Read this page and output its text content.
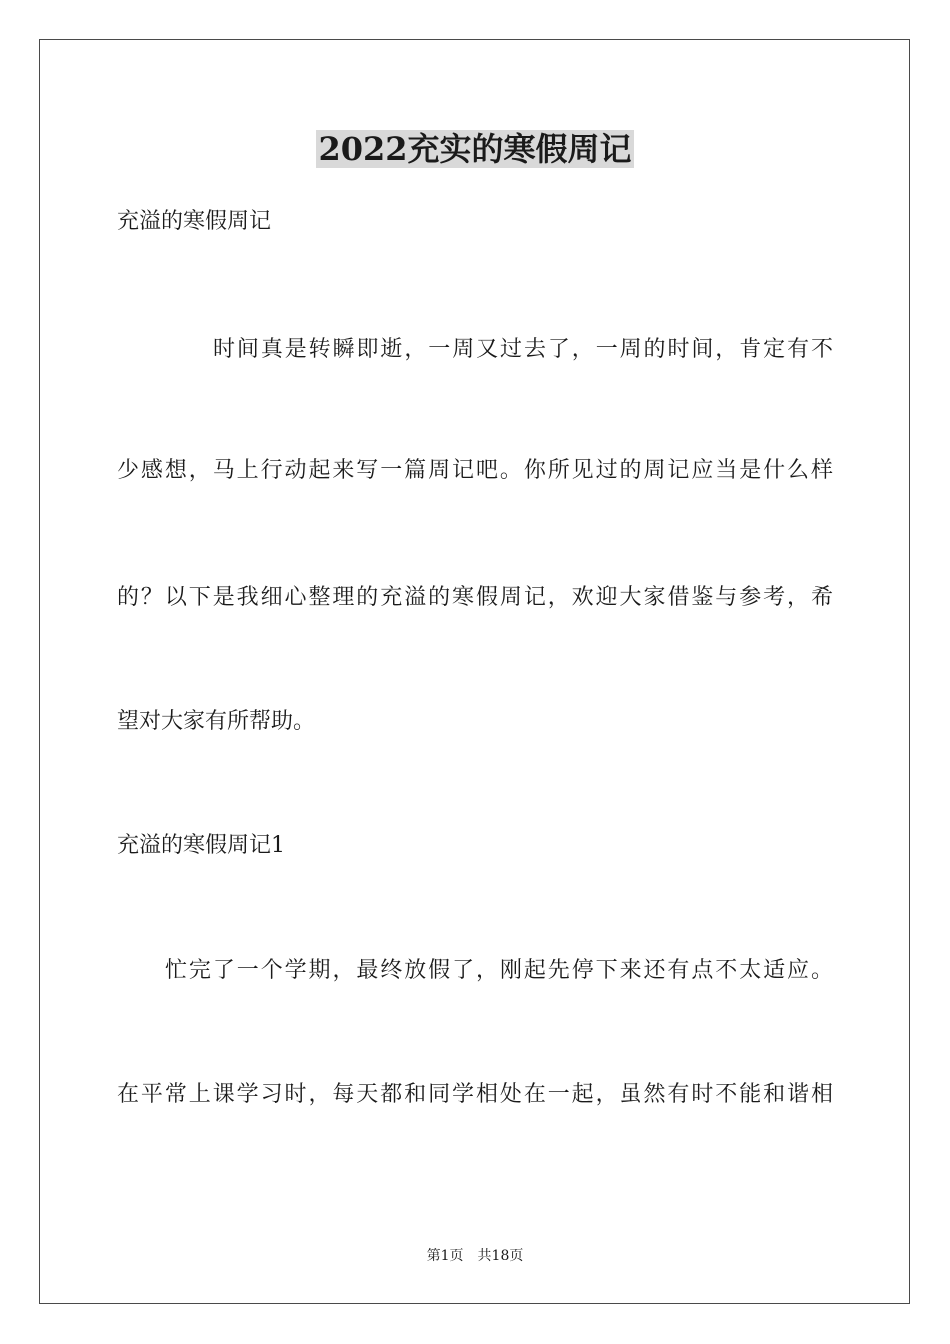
2022充实的寒假周记
充溢的寒假周记
时间真是转瞬即逝，一周又过去了，一周的时间，肯定有不
少感想，马上行动起来写一篇周记吧。你所见过的周记应当是什么样
的？以下是我细心整理的充溢的寒假周记，欢迎大家借鉴与参考，希
望对大家有所帮助。
充溢的寒假周记1
忙完了一个学期，最终放假了，刚起先停下来还有点不太适应。
在平常上课学习时，每天都和同学相处在一起，虽然有时不能和谐相
第1页　共18页
